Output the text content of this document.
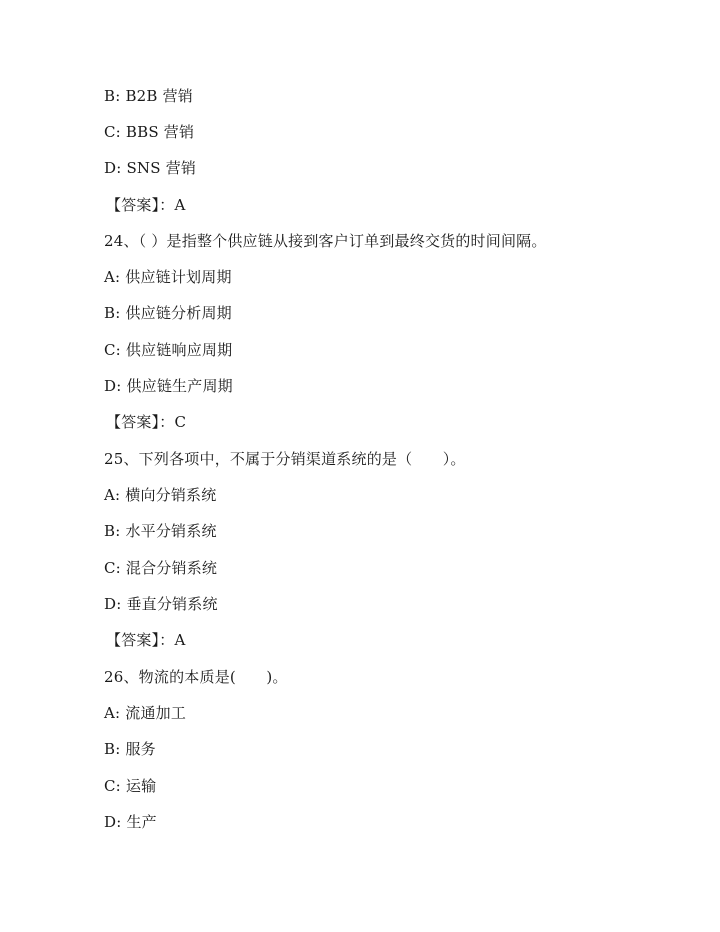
B: B2B 营销
C: BBS 营销
D: SNS 营销
【答案】：A
24、（ ）是指整个供应链从接到客户订单到最终交货的时间间隔。
A: 供应链计划周期
B: 供应链分析周期
C: 供应链响应周期
D: 供应链生产周期
【答案】：C
25、下列各项中，不属于分销渠道系统的是（　　）。
A: 横向分销系统
B: 水平分销系统
C: 混合分销系统
D: 垂直分销系统
【答案】：A
26、物流的本质是(　　)。
A: 流通加工
B: 服务
C: 运输
D: 生产
